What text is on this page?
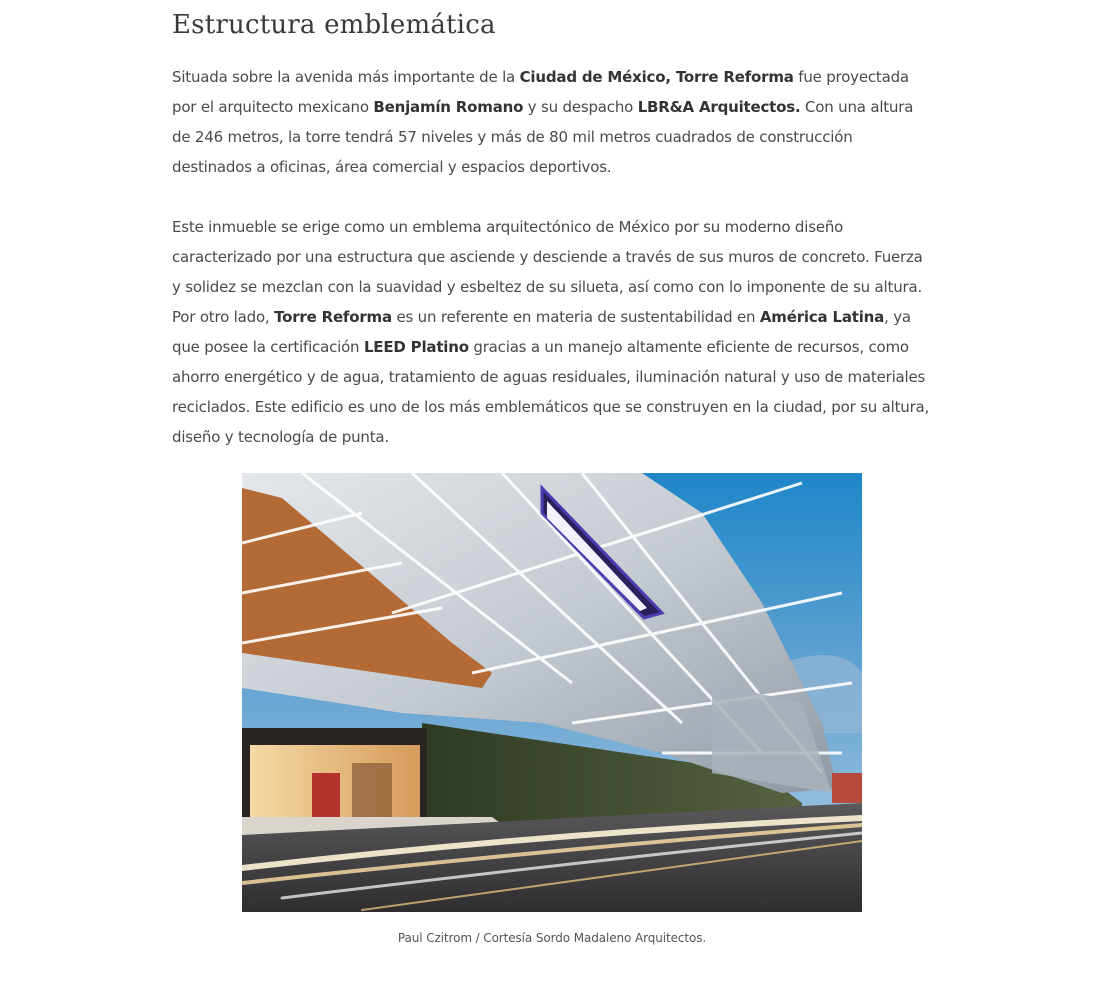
Estructura emblemática

Situada sobre la avenida más importante de la Ciudad de México, Torre Reforma fue proyectada por el arquitecto mexicano Benjamín Romano y su despacho LBR&A Arquitectos. Con una altura de 246 metros, la torre tendrá 57 niveles y más de 80 mil metros cuadrados de construcción destinados a oficinas, área comercial y espacios deportivos.

Este inmueble se erige como un emblema arquitectónico de México por su moderno diseño caracterizado por una estructura que asciende y desciende a través de sus muros de concreto. Fuerza y solidez se mezclan con la suavidad y esbeltez de su silueta, así como con lo imponente de su altura. Por otro lado, Torre Reforma es un referente en materia de sustentabilidad en América Latina, ya que posee la certificación LEED Platino gracias a un manejo altamente eficiente de recursos, como ahorro energético y de agua, tratamiento de aguas residuales, iluminación natural y uso de materiales reciclados. Este edificio es uno de los más emblemáticos que se construyen en la ciudad, por su altura, diseño y tecnología de punta.

Paul Czitrom / Cortesía Sordo Madaleno Arquitectos.
